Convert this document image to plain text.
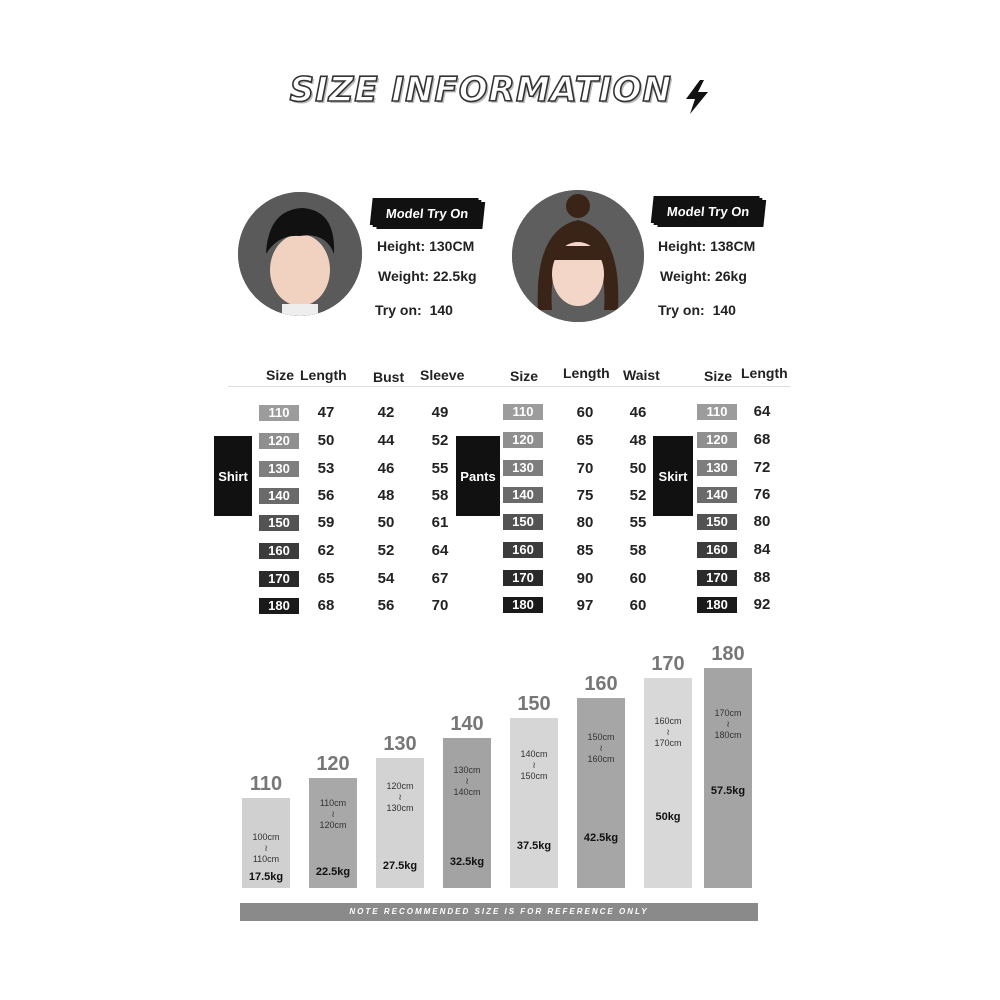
SIZE INFORMATION
Model Try On
Height: 130CM
Weight: 22.5kg
Try on: 140
Model Try On
Height: 138CM
Weight: 26kg
Try on: 140
Size Length Bust Sleeve	Size Length Waist	Size Length
Shirt	Pants	Skirt
110	47	42	49	110	60	46	110	64
120	50	44	52	120	65	48	120	68
130	53	46	55	130	70	50	130	72
140	56	48	58	140	75	52	140	76
150	59	50	61	150	80	55	150	80
160	62	52	64	160	85	58	160	84
170	65	54	67	170	90	60	170	88
180	68	56	70	180	97	60	180	92
110
100cm
≀
110cm
17.5kg
120
110cm
≀
120cm
22.5kg
130
120cm
≀
130cm
27.5kg
140
130cm
≀
140cm
32.5kg
150
140cm
≀
150cm
37.5kg
160
150cm
≀
160cm
42.5kg
170
160cm
≀
170cm
50kg
180
170cm
≀
180cm
57.5kg
NOTE RECOMMENDED SIZE IS FOR REFERENCE ONLY
